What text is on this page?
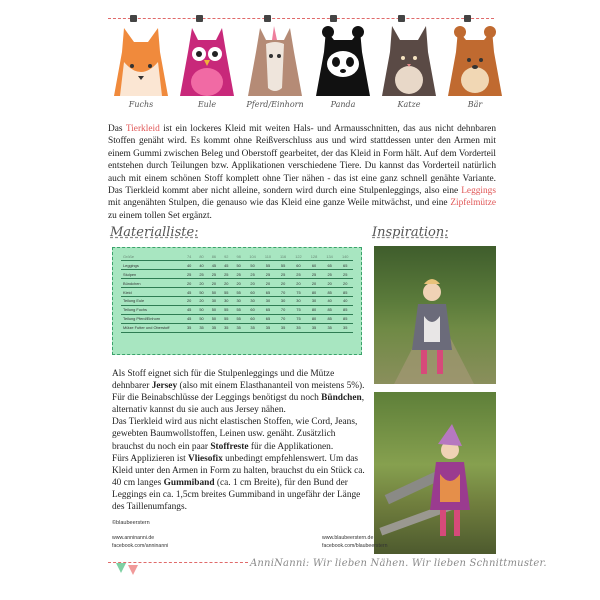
Fuchs	Eule	Pferd/Einhorn	Panda	Katze	Bär

Das Tierkleid ist ein lockeres Kleid mit weiten Hals- und Armausschnitten, das aus nicht dehnbaren Stoffen genäht wird. Es kommt ohne Reißverschluss aus und wird stattdessen unter den Armen mit einem Gummi zwischen Beleg und Oberstoff gearbeitet, der das Kleid in Form hält. Auf dem Vorderteil entstehen durch Teilungen bzw. Applikationen verschiedene Tiere. Du kannst das Vorderteil natürlich auch mit einem schönen Stoff komplett ohne Tier nähen - das ist eine ganz schnell genähte Variante. Das Tierkleid kommt aber nicht alleine, sondern wird durch eine Stulpenleggings, also eine Leggings mit angenähten Stulpen, die genauso wie das Kleid eine ganze Weile mitwächst, und eine Zipfelmütze zu einem tollen Set ergänzt.

Materialliste:	Inspiration:
Größe	74	80	86	92	98	104	110	116	122	128	134	140
Leggings	40	40	45	45	50	50	55	55	60	60	65	65
Stulpen	25	25	25	25	25	25	25	25	25	25	25	25
Bündchen	20	20	20	20	20	20	20	20	20	20	20	20
Kleid	45	50	50	55	55	60	65	70	75	80	85	85
Teilung Eule	20	20	30	30	30	30	30	30	30	30	40	40
Teilung Fuchs	45	50	50	55	55	60	65	70	75	80	85	85
Teilung Pferd/Einhorn	45	50	50	55	55	60	65	70	75	80	85	85
Mütze Futter und Oberstoff	35	35	35	35	35	35	35	35	35	35	35	35

Als Stoff eignet sich für die Stulpenleggings und die Mütze dehnbarer Jersey (also mit einem Elasthananteil von meistens 5%). Für die Beinabschlüsse der Leggings benötigst du noch Bündchen, alternativ kannst du sie auch aus Jersey nähen.

Das Tierkleid wird aus nicht elastischen Stoffen, wie Cord, Jeans, gewebten Baumwollstoffen, Leinen usw. genäht. Zusätzlich brauchst du noch ein paar Stoffreste für die Applikationen.

Fürs Applizieren ist Vliesofix unbedingt empfehlenswert. Um das Kleid unter den Armen in Form zu halten, brauchst du ein Stück ca. 40 cm langes Gummiband (ca. 1 cm Breite), für den Bund der Leggings ein ca. 1,5cm breites Gummiband in ungefähr der Länge des Taillenumfangs.

©blaubeerstern
www.anninanni.de
facebook.com/anninanni
www.blaubeerstern.de
facebook.com/blaubeerstern
AnniNanni: Wir lieben Nähen. Wir lieben Schnittmuster.
